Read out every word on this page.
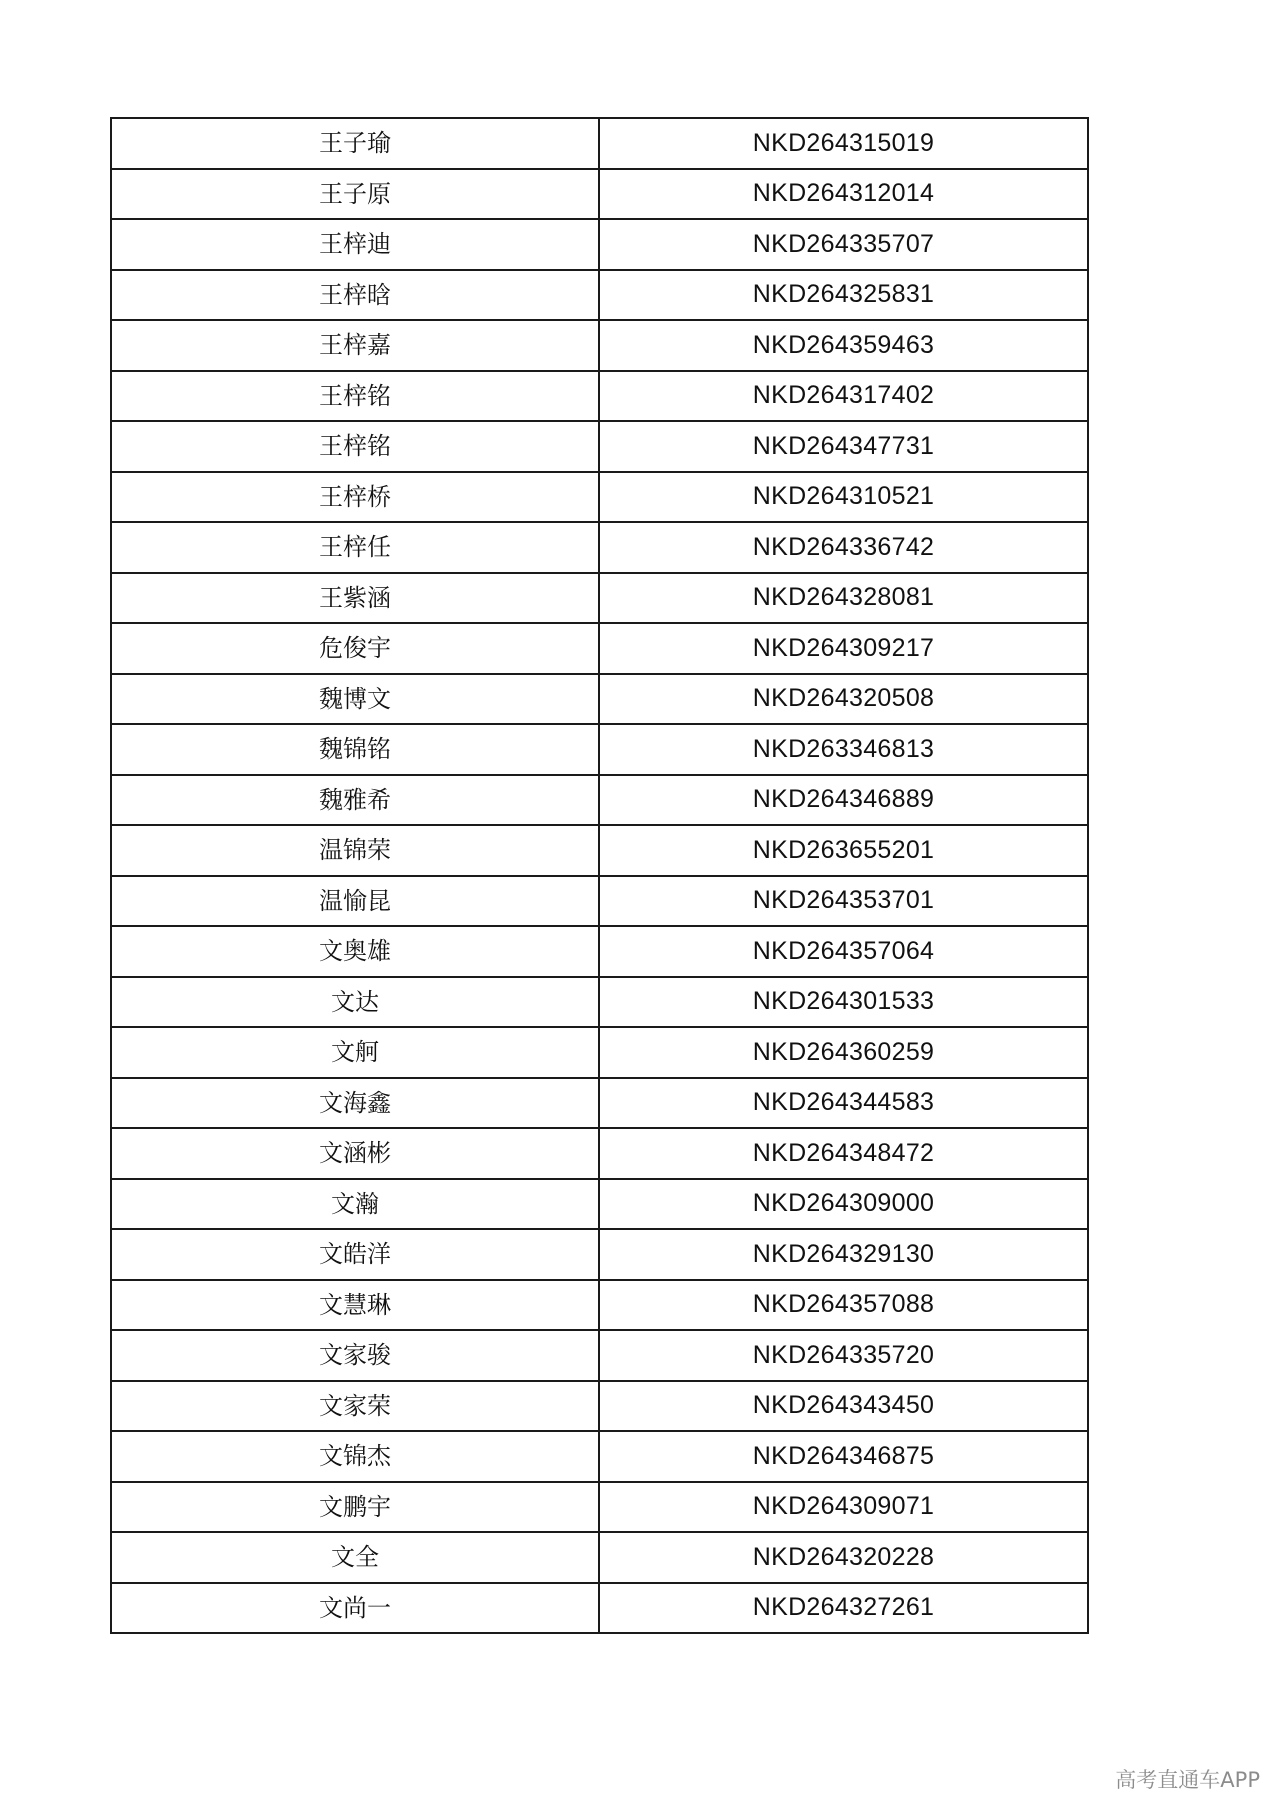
王子瑜	NKD264315019
王子原	NKD264312014
王梓迪	NKD264335707
王梓晗	NKD264325831
王梓嘉	NKD264359463
王梓铭	NKD264317402
王梓铭	NKD264347731
王梓桥	NKD264310521
王梓任	NKD264336742
王紫涵	NKD264328081
危俊宇	NKD264309217
魏博文	NKD264320508
魏锦铭	NKD263346813
魏雅希	NKD264346889
温锦荣	NKD263655201
温愉昆	NKD264353701
文奥雄	NKD264357064
文达	NKD264301533
文舸	NKD264360259
文海鑫	NKD264344583
文涵彬	NKD264348472
文瀚	NKD264309000
文皓洋	NKD264329130
文慧琳	NKD264357088
文家骏	NKD264335720
文家荣	NKD264343450
文锦杰	NKD264346875
文鹏宇	NKD264309071
文全	NKD264320228
文尚一	NKD264327261
高考直通车APP
